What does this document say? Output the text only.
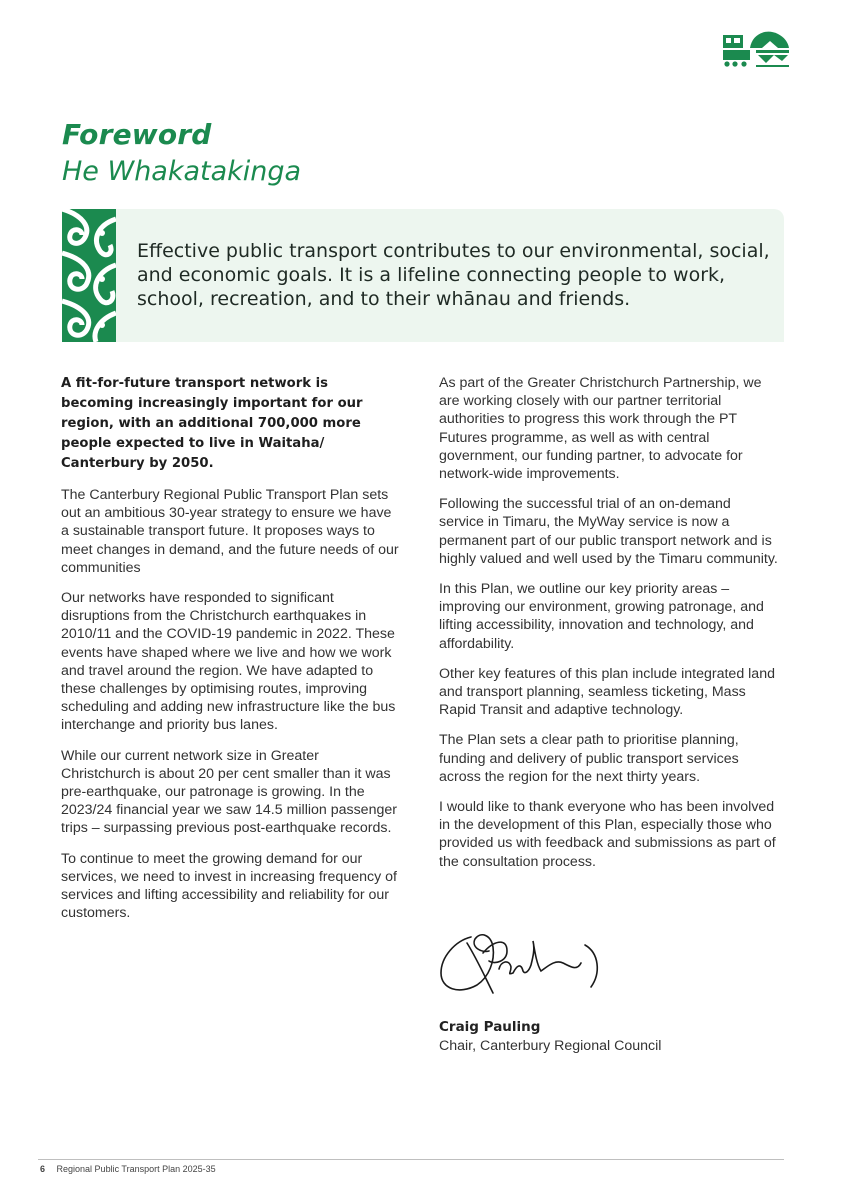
Foreword
He Whakatakinga

Effective public transport contributes to our environmental, social, and economic goals. It is a lifeline connecting people to work, school, recreation, and to their whānau and friends.

A fit-for-future transport network is becoming increasingly important for our region, with an additional 700,000 more people expected to live in Waitaha/ Canterbury by 2050.

The Canterbury Regional Public Transport Plan sets out an ambitious 30-year strategy to ensure we have a sustainable transport future. It proposes ways to meet changes in demand, and the future needs of our communities

Our networks have responded to significant disruptions from the Christchurch earthquakes in 2010/11 and the COVID-19 pandemic in 2022. These events have shaped where we live and how we work and travel around the region. We have adapted to these challenges by optimising routes, improving scheduling and adding new infrastructure like the bus interchange and priority bus lanes.

While our current network size in Greater Christchurch is about 20 per cent smaller than it was pre-earthquake, our patronage is growing. In the 2023/24 financial year we saw 14.5 million passenger trips – surpassing previous post-earthquake records.

To continue to meet the growing demand for our services, we need to invest in increasing frequency of services and lifting accessibility and reliability for our customers.

As part of the Greater Christchurch Partnership, we are working closely with our partner territorial authorities to progress this work through the PT Futures programme, as well as with central government, our funding partner, to advocate for network-wide improvements.

Following the successful trial of an on-demand service in Timaru, the MyWay service is now a permanent part of our public transport network and is highly valued and well used by the Timaru community.

In this Plan, we outline our key priority areas – improving our environment, growing patronage, and lifting accessibility, innovation and technology, and affordability.

Other key features of this plan include integrated land and transport planning, seamless ticketing, Mass Rapid Transit and adaptive technology.

The Plan sets a clear path to prioritise planning, funding and delivery of public transport services across the region for the next thirty years.

I would like to thank everyone who has been involved in the development of this Plan, especially those who provided us with feedback and submissions as part of the consultation process.

Craig Pauling

Chair, Canterbury Regional Council

6 Regional Public Transport Plan 2025-35
